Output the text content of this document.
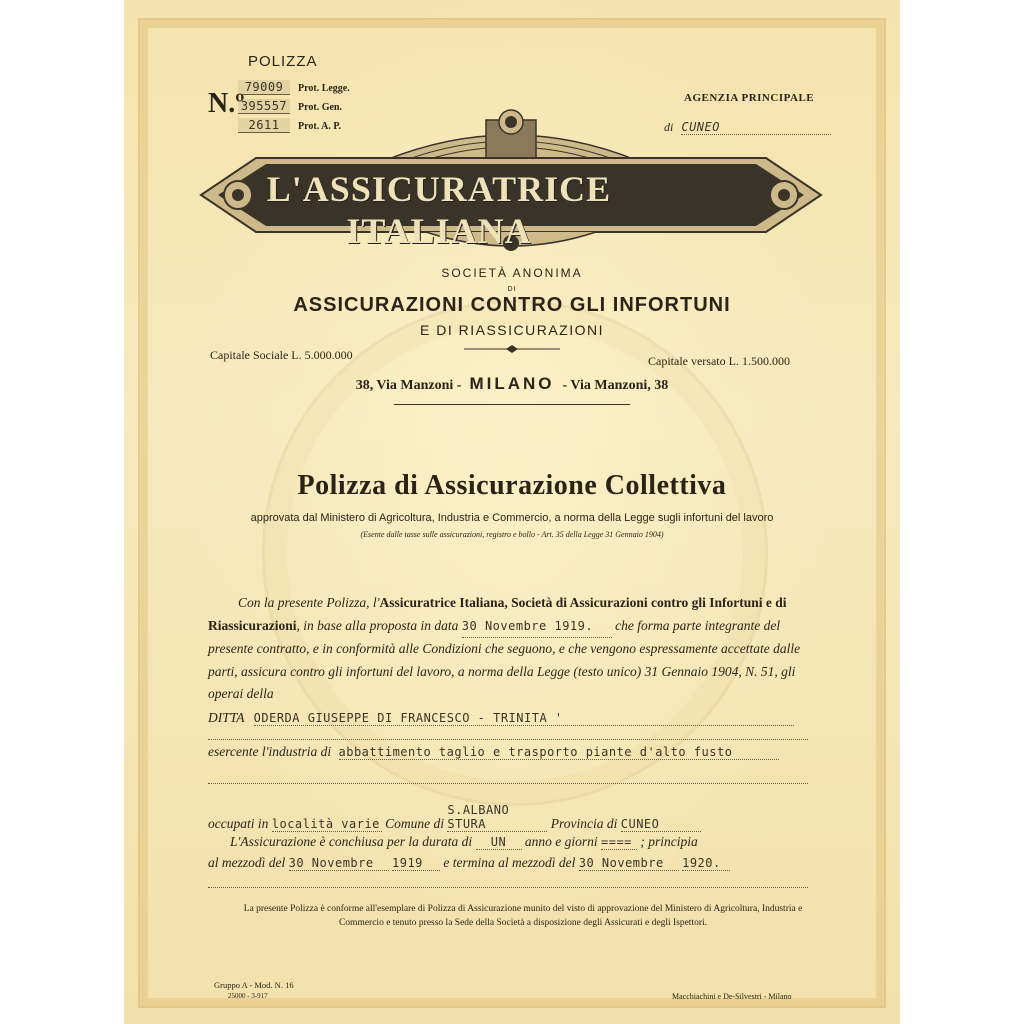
POLIZZA
N.º
79009 Prot. Legge.
395557 Prot. Gen.
2611 Prot. A. P.
AGENZIA PRINCIPALE
di CUNEO
L'ASSICURATRICE ITALIANA
SOCIETÀ ANONIMA
DI
ASSICURAZIONI CONTRO GLI INFORTUNI
E DI RIASSICURAZIONI
Capitale Sociale L. 5.000.000	Capitale versato L. 1.500.000
38, Via Manzoni - MILANO - Via Manzoni, 38
Polizza di Assicurazione Collettiva
approvata dal Ministero di Agricoltura, Industria e Commercio, a norma della Legge sugli infortuni del lavoro
(Esente dalle tasse sulle assicurazioni, registro e bollo - Art. 35 della Legge 31 Gennaio 1904)
Con la presente Polizza, l'Assicuratrice Italiana, Società di Assicurazioni contro gli Infortuni e di Riassicurazioni, in base alla proposta in data 30 Novembre 1919. che forma parte integrante del presente contratto, e in conformità alle Condizioni che seguono, e che vengono espressamente accettate dalle parti, assicura contro gli infortuni del lavoro, a norma della Legge (testo unico) 31 Gennaio 1904, N. 51, gli operai della
DITTA ODERDA GIUSEPPE DI FRANCESCO - TRINITA '
esercente l'industria di abbattimento taglio e trasporto piante d'alto fusto
occupati in località varie Comune di S.ALBANO STURA	Provincia di CUNEO
L'Assicurazione è conchiusa per la durata di UN anno e giorni ==== ; principia
al mezzodì del 30 Novembre 1919 e termina al mezzodì del 30 Novembre 1920.
La presente Polizza è conforme all'esemplare di Polizza di Assicurazione munito del visto di approvazione del Ministero di Agricoltura, Industria e Commercio e tenuto presso la Sede della Società a disposizione degli Assicurati e degli Ispettori.
Gruppo A - Mod. N. 16
25000 - 3-917	Macchiachini e De-Silvestri - Milano
